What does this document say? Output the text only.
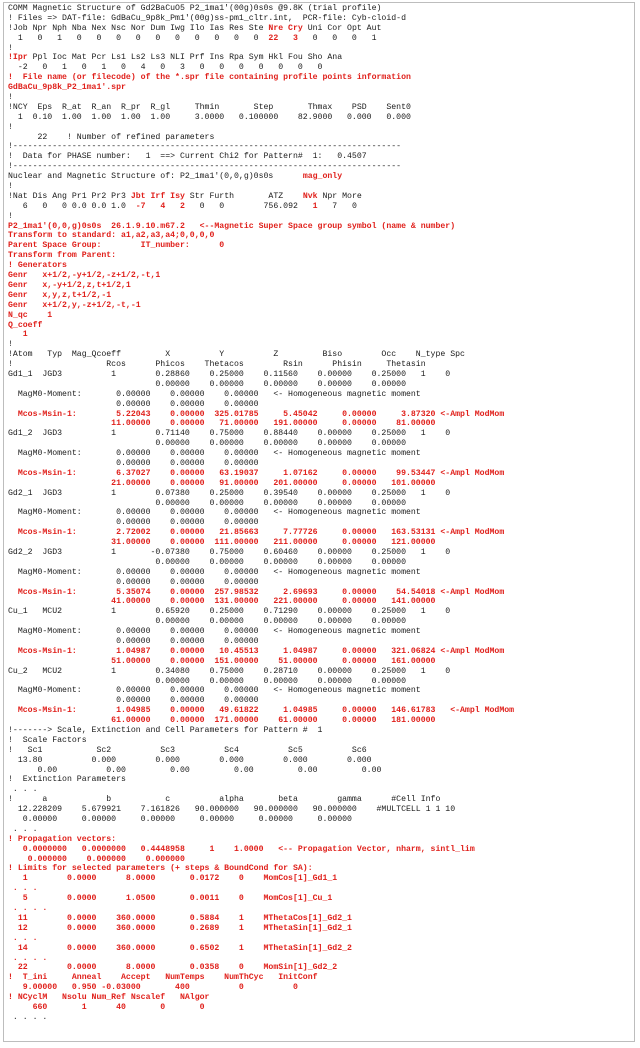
COMM Magnetic Structure of Gd2BaCuO5 P2_1ma1'(00g)0s0s @9.8K (trial profile)
! Files => DAT-file: GdBaCu_9p8k_Pm1'(00g)ss-pm1_cltr.int,  PCR-file: Cyb-cloid-d
!Job Npr Nph Nba Nex Nsc Nor Dum Iwg Ilo Ias Res Ste Nre Cry Uni Cor Opt Aut
1   0   1   0   0   0   0   0   0   0   0   0   0  22   3   0   0   0   1
!
!Ipr Ppl Ioc Mat Pcr Ls1 Ls2 Ls3 NLI Prf Ins Rpa Sym Hkl Fou Sho Ana
-2   0   1   0   1   0   4   0   3   0   0   0   0   0   0   0
!  File name (or filecode) of the *.spr file containing profile points information
GdBaCu_9p8k_P2_1ma1'.spr
!
!NCY  Eps  R_at  R_an  R_pr  R_gl     Thmin       Step       Thmax    PSD    Sent0
1  0.10  1.00  1.00  1.00  1.00     3.0000   0.100000    82.9000   0.000   0.000
!
22    ! Number of refined parameters
!-------------------------------------------------------------------------------
!  Data for PHASE number:   1  ==> Current Chi2 for Pattern#  1:   0.4507
!-------------------------------------------------------------------------------
Nuclear and Magnetic Structure of: P2_1ma1'(0,0,g)0s0s      mag_only
!
!Nat Dis Ang Pr1 Pr2 Pr3 Jbt Irf Isy Str Furth       ATZ    Nvk Npr More
6   0   0 0.0 0.0 1.0  -7   4   2   0   0        756.092   1   7   0
!
P2_1ma1'(0,0,g)0s0s  26.1.9.10.m67.2   <--Magnetic Super Space group symbol (name & number)
Transform to standard: a1,a2,a3,a4;0,0,0,0
Parent Space Group:        IT_number:      0
Transform from Parent:
! Generators
Genr   x+1/2,-y+1/2,-z+1/2,-t,1
Genr   x,-y+1/2,z,t+1/2,1
Genr   x,y,z,t+1/2,-1
Genr   x+1/2,y,-z+1/2,-t,-1
N_qc    1
Q_coeff
1
!
!Atom   Typ  Mag_Qcoeff         X          Y          Z         Biso        Occ    N_type Spc
!                   Rcos      Phicos    Thetacos        Rsin      Phisin     Thetasin
Gd1_1  JGD3          1        0.28860    0.25000    0.11560    0.00000    0.25000   1    0
0.00000    0.00000    0.00000    0.00000    0.00000
MagM0-Moment:       0.00000    0.00000    0.00000   <- Homogeneous magnetic moment
0.00000    0.00000    0.00000
Mcos-Msin-1:        5.22043    0.00000  325.01785     5.45042     0.00000     3.87320 <-Ampl ModMom
11.00000    0.00000   71.00000   191.00000     0.00000    81.00000
Gd1_2  JGD3          1        0.71140    0.75000    0.88440    0.00000    0.25000   1    0
0.00000    0.00000    0.00000    0.00000    0.00000
MagM0-Moment:       0.00000    0.00000    0.00000   <- Homogeneous magnetic moment
0.00000    0.00000    0.00000
Mcos-Msin-1:        6.37027    0.00000   63.19037     1.07162     0.00000    99.53447 <-Ampl ModMom
21.00000    0.00000   91.00000   201.00000     0.00000   101.00000
Gd2_1  JGD3          1        0.07380    0.25000    0.39540    0.00000    0.25000   1    0
0.00000    0.00000    0.00000    0.00000    0.00000
MagM0-Moment:       0.00000    0.00000    0.00000   <- Homogeneous magnetic moment
0.00000    0.00000    0.00000
Mcos-Msin-1:        2.72002    0.00000   21.85663     7.77726     0.00000   163.53131 <-Ampl ModMom
31.00000    0.00000  111.00000   211.00000     0.00000   121.00000
Gd2_2  JGD3          1       -0.07380    0.75000    0.60460    0.00000    0.25000   1    0
0.00000    0.00000    0.00000    0.00000    0.00000
MagM0-Moment:       0.00000    0.00000    0.00000   <- Homogeneous magnetic moment
0.00000    0.00000    0.00000
Mcos-Msin-1:        5.35074    0.00000  257.98532     2.69693     0.00000    54.54018 <-Ampl ModMom
41.00000    0.00000  131.00000   221.00000     0.00000   141.00000
Cu_1   MCU2          1        0.65920    0.25000    0.71290    0.00000    0.25000   1    0
0.00000    0.00000    0.00000    0.00000    0.00000
MagM0-Moment:       0.00000    0.00000    0.00000   <- Homogeneous magnetic moment
0.00000    0.00000    0.00000
Mcos-Msin-1:        1.04987    0.00000   10.45513     1.04987     0.00000   321.06824 <-Ampl ModMom
51.00000    0.00000  151.00000    51.00000     0.00000   161.00000
Cu_2   MCU2          1        0.34080    0.75000    0.28710    0.00000    0.25000   1    0
0.00000    0.00000    0.00000    0.00000    0.00000
MagM0-Moment:       0.00000    0.00000    0.00000   <- Homogeneous magnetic moment
0.00000    0.00000    0.00000
Mcos-Msin-1:        1.04985    0.00000   49.61822     1.04985     0.00000   146.61783   <-Ampl ModMom
61.00000    0.00000  171.00000    61.00000     0.00000   181.00000
!-------> Scale, Extinction and Cell Parameters for Pattern #  1
!  Scale Factors
!   Sc1           Sc2          Sc3          Sc4          Sc5          Sc6
13.80          0.000        0.000        0.000        0.000        0.000
0.00          0.00         0.00         0.00         0.00         0.00
!  Extinction Parameters
. . .
!      a            b           c          alpha       beta        gamma      #Cell Info
12.228209    5.679921    7.161826   90.000000   90.000000   90.000000    #MULTCELL 1 1 10
0.00000     0.00000     0.00000     0.00000     0.00000     0.00000
. . .
! Propagation vectors:
0.0000000   0.0000000   0.4448958     1    1.0000   <-- Propagation Vector, nharm, sintl_lim
0.000000    0.000000    0.000000
! Limits for selected parameters (+ steps & BoundCond for SA):
1        0.0000      8.0000       0.0172    0    MomCos[1]_Gd1_1
. . .
5        0.0000      1.0500       0.0011    0    MomCos[1]_Cu_1
. . . .
11        0.0000    360.0000       0.5884    1    MThetaCos[1]_Gd2_1
12        0.0000    360.0000       0.2689    1    MThetaSin[1]_Gd2_1
. . .
14        0.0000    360.0000       0.6502    1    MThetaSin[1]_Gd2_2
. . . .
22        0.0000      8.0000       0.0358    0    MomSin[1]_Gd2_2
!  T_ini     Anneal    Accept   NumTemps    NumThCyc   InitConf
9.00000   0.950 -0.03000       400          0          0
! NCyclM   Nsolu Num_Ref Nscalef   NAlgor
660       1      40       0       0
. . . .
